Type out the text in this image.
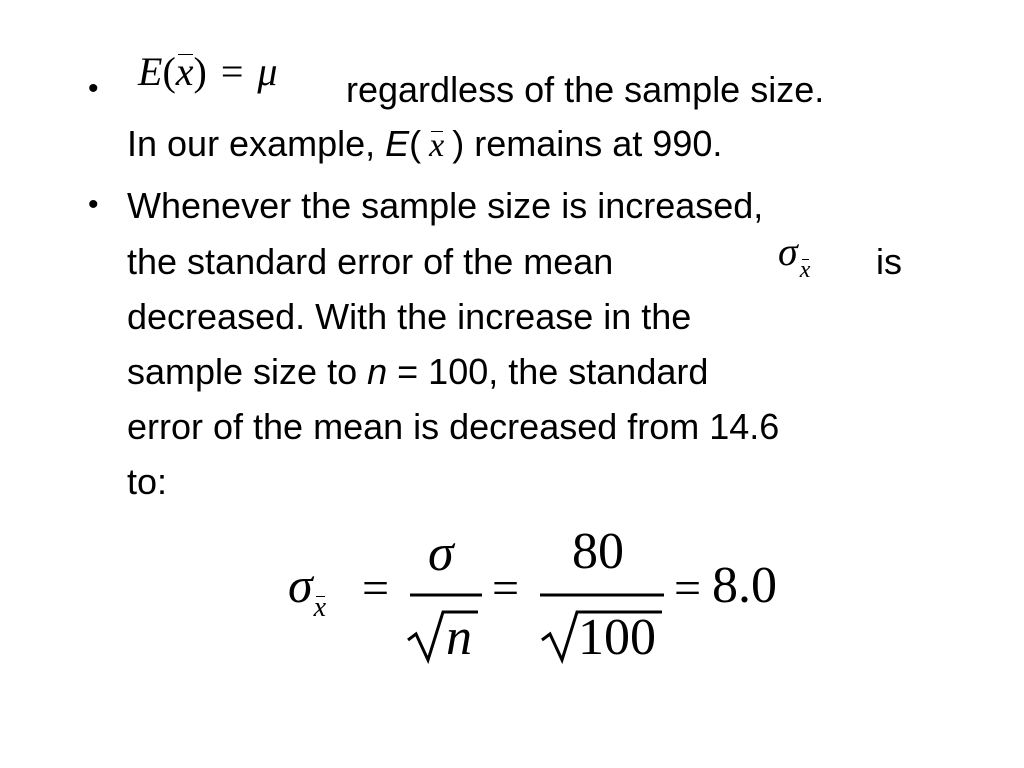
• E(x) = μ regardless of the sample size.
In our example, E( x ) remains at 990.
• Whenever the sample size is increased,
the standard error of the mean	σx is
decreased. With the increase in the
sample size to n = 100, the standard
error of the mean is decreased from 14.6
to:
σx =
σ
n
=
80
100
= 8.0
